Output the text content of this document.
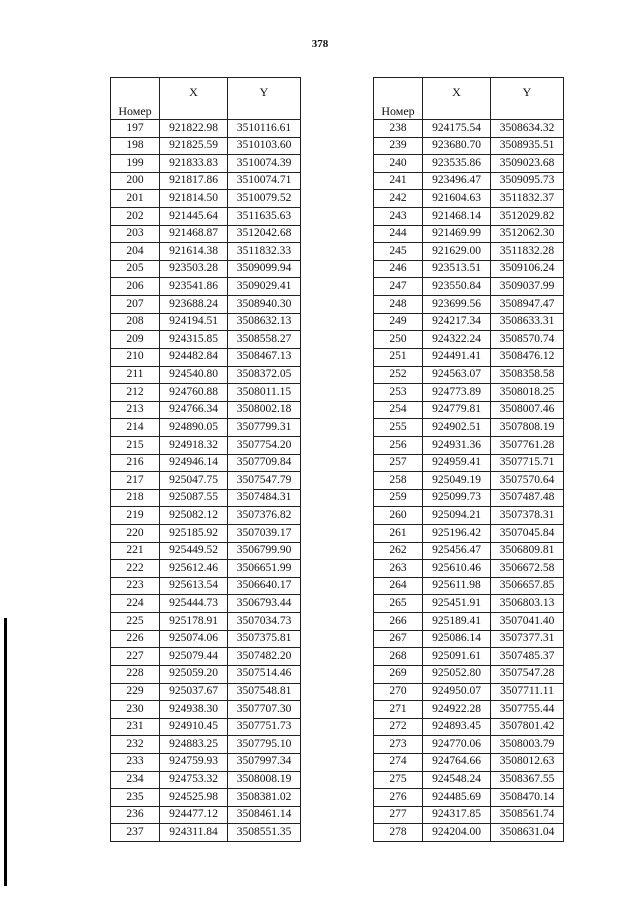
378
Номер	X	Y
197	921822.98	3510116.61
198	921825.59	3510103.60
199	921833.83	3510074.39
200	921817.86	3510074.71
201	921814.50	3510079.52
202	921445.64	3511635.63
203	921468.87	3512042.68
204	921614.38	3511832.33
205	923503.28	3509099.94
206	923541.86	3509029.41
207	923688.24	3508940.30
208	924194.51	3508632.13
209	924315.85	3508558.27
210	924482.84	3508467.13
211	924540.80	3508372.05
212	924760.88	3508011.15
213	924766.34	3508002.18
214	924890.05	3507799.31
215	924918.32	3507754.20
216	924946.14	3507709.84
217	925047.75	3507547.79
218	925087.55	3507484.31
219	925082.12	3507376.82
220	925185.92	3507039.17
221	925449.52	3506799.90
222	925612.46	3506651.99
223	925613.54	3506640.17
224	925444.73	3506793.44
225	925178.91	3507034.73
226	925074.06	3507375.81
227	925079.44	3507482.20
228	925059.20	3507514.46
229	925037.67	3507548.81
230	924938.30	3507707.30
231	924910.45	3507751.73
232	924883.25	3507795.10
233	924759.93	3507997.34
234	924753.32	3508008.19
235	924525.98	3508381.02
236	924477.12	3508461.14
237	924311.84	3508551.35
Номер	X	Y
238	924175.54	3508634.32
239	923680.70	3508935.51
240	923535.86	3509023.68
241	923496.47	3509095.73
242	921604.63	3511832.37
243	921468.14	3512029.82
244	921469.99	3512062.30
245	921629.00	3511832.28
246	923513.51	3509106.24
247	923550.84	3509037.99
248	923699.56	3508947.47
249	924217.34	3508633.31
250	924322.24	3508570.74
251	924491.41	3508476.12
252	924563.07	3508358.58
253	924773.89	3508018.25
254	924779.81	3508007.46
255	924902.51	3507808.19
256	924931.36	3507761.28
257	924959.41	3507715.71
258	925049.19	3507570.64
259	925099.73	3507487.48
260	925094.21	3507378.31
261	925196.42	3507045.84
262	925456.47	3506809.81
263	925610.46	3506672.58
264	925611.98	3506657.85
265	925451.91	3506803.13
266	925189.41	3507041.40
267	925086.14	3507377.31
268	925091.61	3507485.37
269	925052.80	3507547.28
270	924950.07	3507711.11
271	924922.28	3507755.44
272	924893.45	3507801.42
273	924770.06	3508003.79
274	924764.66	3508012.63
275	924548.24	3508367.55
276	924485.69	3508470.14
277	924317.85	3508561.74
278	924204.00	3508631.04
